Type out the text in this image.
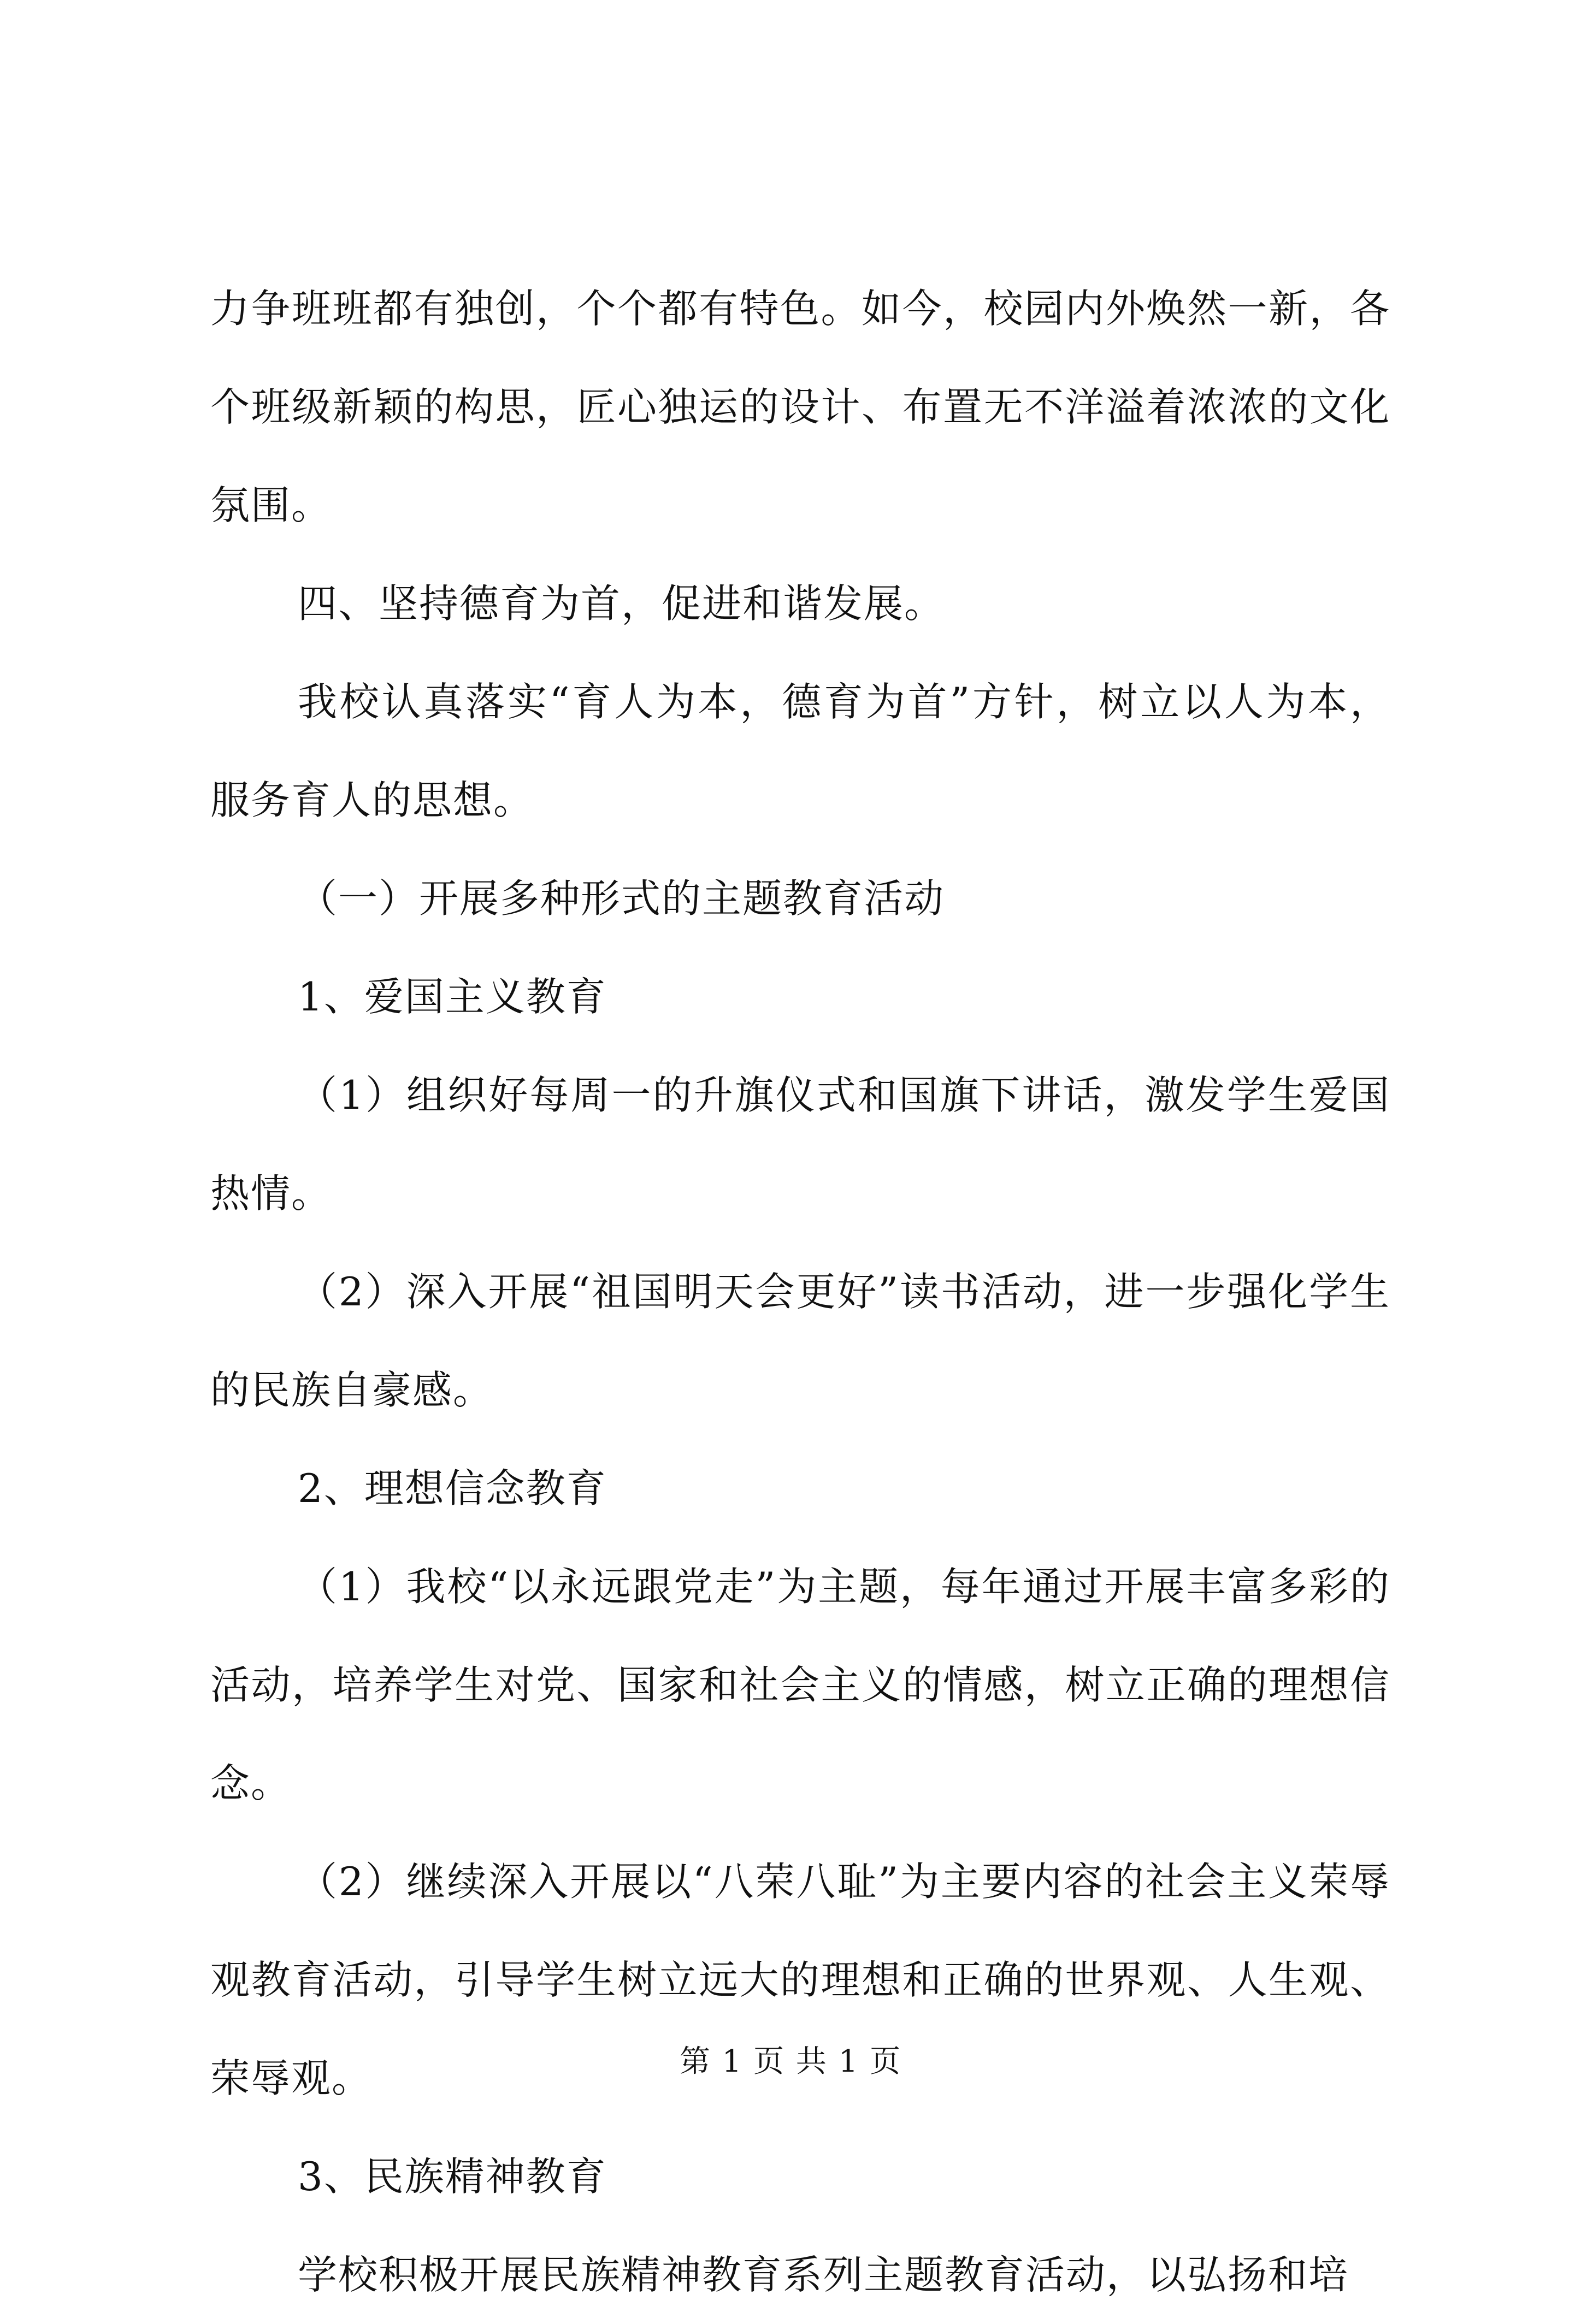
力争班班都有独创，个个都有特色。如今，校园内外焕然一新，各个班级新颖的构思，匠心独运的设计、布置无不洋溢着浓浓的文化氛围。

四、坚持德育为首，促进和谐发展。

我校认真落实“育人为本，德育为首”方针，树立以人为本，服务育人的思想。

（一）开展多种形式的主题教育活动

1、爱国主义教育

（1）组织好每周一的升旗仪式和国旗下讲话，激发学生爱国热情。

（2）深入开展“祖国明天会更好”读书活动，进一步强化学生的民族自豪感。

2、理想信念教育

（1）我校“以永远跟党走”为主题，每年通过开展丰富多彩的活动，培养学生对党、国家和社会主义的情感，树立正确的理想信念。

（2）继续深入开展以“八荣八耻”为主要内容的社会主义荣辱观教育活动，引导学生树立远大的理想和正确的世界观、人生观、荣辱观。

3、民族精神教育

学校积极开展民族精神教育系列主题教育活动，以弘扬和培

第 1 页 共 1 页
